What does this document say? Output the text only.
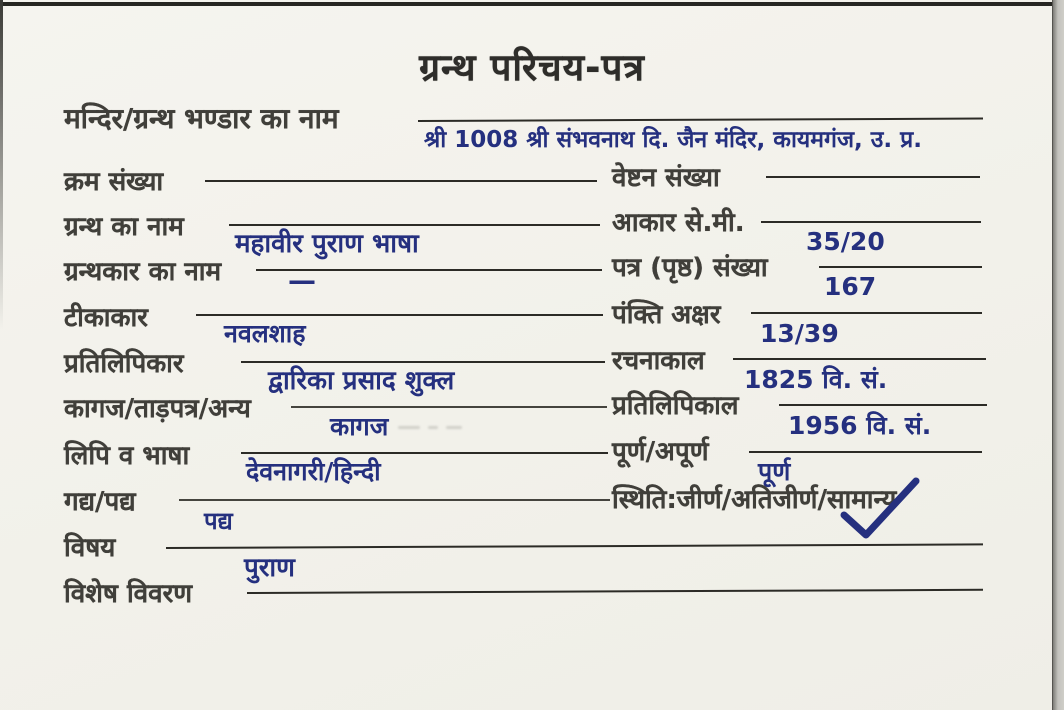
ग्रन्थ परिचय-पत्र
मन्दिर/ग्रन्थ भण्डार का नाम
श्री 1008 श्री संभवनाथ दि. जैन मंदिर, कायमगंज, उ. प्र.
क्रम संख्या
ग्रन्थ का नाम
महावीर पुराण भाषा
ग्रन्थकार का नाम —
टीकाकार
नवलशाह
प्रतिलिपिकार
द्वारिका प्रसाद शुक्ल
कागज/ताड़पत्र/अन्य
कागज
लिपि व भाषा
देवनागरी/हिन्दी
गद्य/पद्य
पद्य
विषय
पुराण
विशेष विवरण
वेष्टन संख्या
आकार से.मी.
35/20
पत्र (पृष्ठ) संख्या
167
पंक्ति अक्षर
13/39
रचनाकाल
1825 वि. सं.
प्रतिलिपिकाल
1956 वि. सं.
पूर्ण/अपूर्ण
पूर्ण
स्थिति:जीर्ण/अतिजीर्ण/सामान्य
